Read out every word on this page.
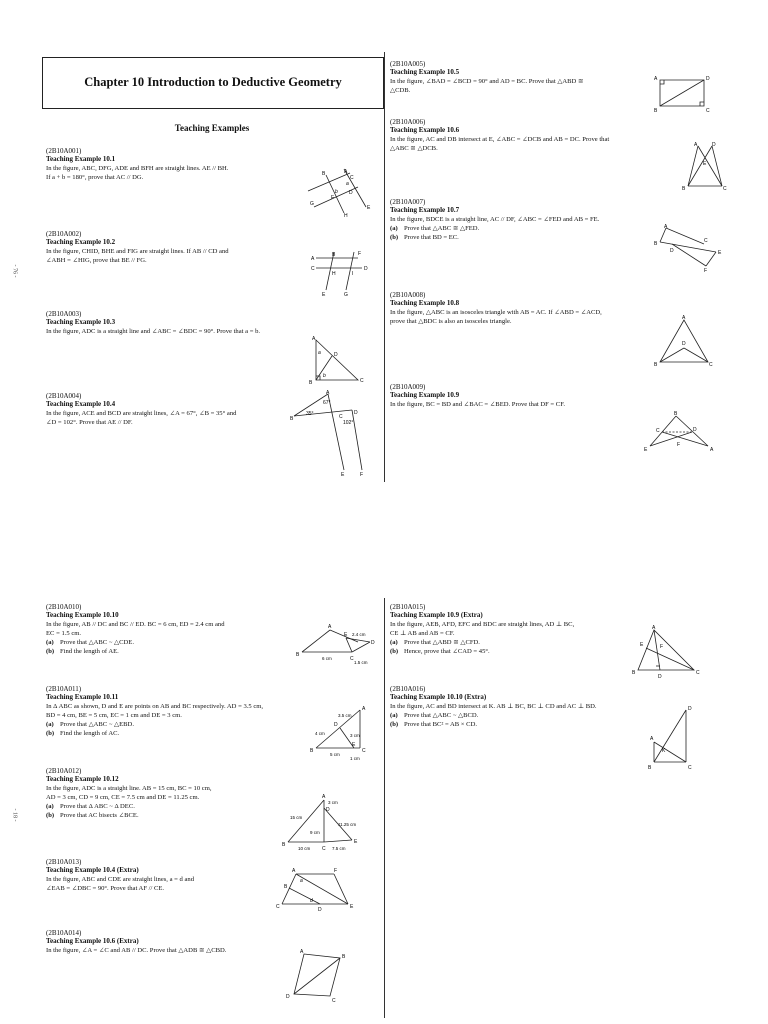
- 76 -
- 18 -
Chapter 10 Introduction to Deductive Geometry
Teaching Examples
(2B10A001)
Teaching Example 10.1
In the figure, ABC, DFG, ADE and BFH are straight lines. AE // BH.
If a + b = 180°, prove that AC // DG.
(2B10A002)
Teaching Example 10.2
In the figure, CHID, BHE and FIG are straight lines. If AB // CD and
∠ABH = ∠HIG, prove that BE // FG.
(2B10A003)
Teaching Example 10.3
In the figure, ADC is a straight line and ∠ABC = ∠BDC = 90°. Prove that a = b.
(2B10A004)
Teaching Example 10.4
In the figure, ACE and BCD are straight lines, ∠A = 67°, ∠B = 35° and
∠D = 102°. Prove that AE // DF.
(2B10A005)
Teaching Example 10.5
In the figure, ∠BAD = ∠BCD = 90° and AD = BC. Prove that △ABD ≅
△CDB.
(2B10A006)
Teaching Example 10.6
In the figure, AC and DB intersect at E, ∠ABC = ∠DCB and AB = DC. Prove that
△ABC ≅ △DCB.
(2B10A007)
Teaching Example 10.7
In the figure, BDCE is a straight line, AC // DF, ∠ABC = ∠FED and AB = FE.
(a) Prove that △ABC ≅ △FED.
(b) Prove that BD = EC.
(2B10A008)
Teaching Example 10.8
In the figure, △ABC is an isosceles triangle with AB = AC. If ∠ABD = ∠ACD,
prove that △BDC is also an isosceles triangle.
(2B10A009)
Teaching Example 10.9
In the figure, BC = BD and ∠BAC = ∠BED. Prove that DF = CF.
(2B10A010)
Teaching Example 10.10
In the figure, AB // DC and BC // ED. BC = 6 cm, ED = 2.4 cm and
EC = 1.5 cm.
(a) Prove that △ABC ~ △CDE.
(b) Find the length of AE.
(2B10A011)
Teaching Example 10.11
In Δ ABC as shown, D and E are points on AB and BC respectively. AD = 3.5 cm,
BD = 4 cm, BE = 5 cm, EC = 1 cm and DE = 3 cm.
(a) Prove that △ABC ~ △EBD.
(b) Find the length of AC.
(2B10A012)
Teaching Example 10.12
In the figure, ADC is a straight line. AB = 15 cm, BC = 10 cm,
AD = 3 cm, CD = 9 cm, CE = 7.5 cm and DE = 11.25 cm.
(a) Prove that Δ ABC ~ Δ DEC.
(b) Prove that AC bisects ∠BCE.
(2B10A013)
Teaching Example 10.4 (Extra)
In the figure, ABC and CDE are straight lines, a = d and
∠EAB = ∠DBC = 90°. Prove that AF // CE.
(2B10A014)
Teaching Example 10.6 (Extra)
In the figure, ∠A = ∠C and AB // DC. Prove that △ADB ≅ △CBD.
(2B10A015)
Teaching Example 10.9 (Extra)
In the figure, AEB, AFD, EFC and BDC are straight lines, AD ⊥ BC,
CE ⊥ AB and AB = CF.
(a) Prove that △ABD ≅ △CFD.
(b) Hence, prove that ∠CAD = 45°.
(2B10A016)
Teaching Example 10.10 (Extra)
In the figure, AC and BD intersect at K. AB ⊥ BC, BC ⊥ CD and AC ⊥ BD.
(a) Prove that △ABC ~ △BCD.
(b) Prove that BC² = AB × CD.
A
B
C
G
D
E
F
H
a
b
A
B
C	D
E
F
G
H	I
A
B	C
D
a
b
A
B	C
D
E	F
67°
35°
102°
A
B	C
D
A
B	C
D
E
A
B	C
D	E
F
A
B	C
D
B
C	D
E	A
F
A
B
C
D
E
6 cm
2.4 cm
1.5 cm
A
B	C
D
E
3.5 cm
4 cm	3 cm
5 cm
1 cm
A
B
C
D
E
15 cm
3 cm
9 cm
11.25 cm
10 cm	7.5 cm
A
B
C	D	E
F
a
d
A
B
C
D
A
B	C
D
E	F
A
B	C
D
K
